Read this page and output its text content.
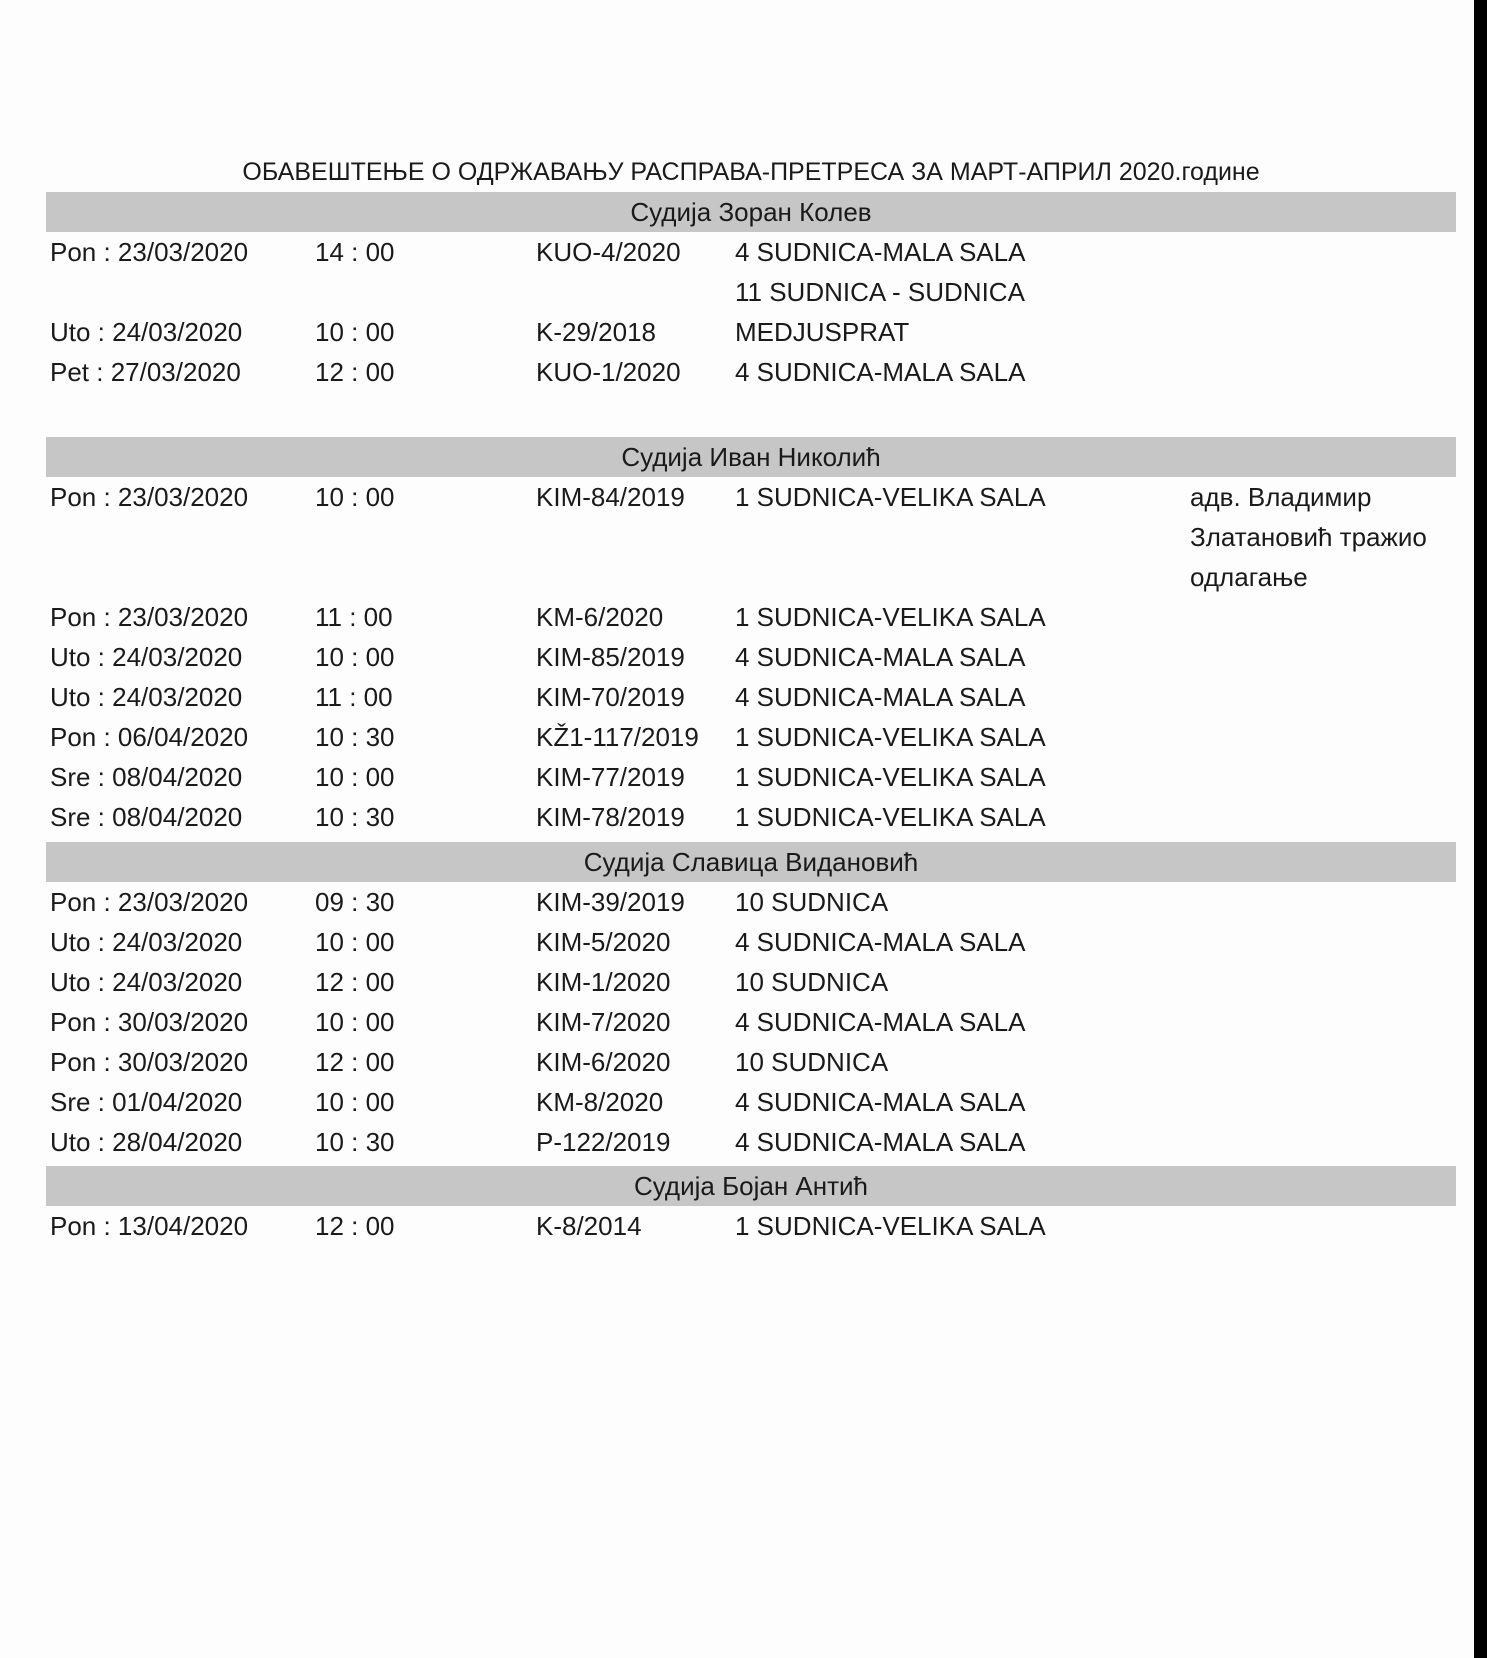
ОБАВЕШТЕЊЕ О ОДРЖАВАЊУ РАСПРАВА-ПРЕТРЕСА ЗА МАРТ-АПРИЛ 2020.године
Судија Зоран Колев
Pon : 23/03/2020	14 : 00	KUO-4/2020 4 SUDNICA-MALA SALA
11 SUDNICA - SUDNICA
Uto : 24/03/2020	10 : 00	K-29/2018	MEDJUSPRAT
Pet : 27/03/2020	12 : 00	KUO-1/2020 4 SUDNICA-MALA SALA
Судија Иван Николић
Pon : 23/03/2020	10 : 00	KIM-84/2019 1 SUDNICA-VELIKA SALA	адв. Владимир
Златановић тражио
одлагање
Pon : 23/03/2020	11 : 00	KM-6/2020	1 SUDNICA-VELIKA SALA
Uto : 24/03/2020	10 : 00	KIM-85/2019 4 SUDNICA-MALA SALA
Uto : 24/03/2020	11 : 00	KIM-70/2019 4 SUDNICA-MALA SALA
Pon : 06/04/2020	10 : 30	KŽ1-117/2019 1 SUDNICA-VELIKA SALA
Sre : 08/04/2020	10 : 00	KIM-77/2019 1 SUDNICA-VELIKA SALA
Sre : 08/04/2020	10 : 30	KIM-78/2019 1 SUDNICA-VELIKA SALA
Судија Славица Видановић
Pon : 23/03/2020	09 : 30	KIM-39/2019 10 SUDNICA
Uto : 24/03/2020	10 : 00	KIM-5/2020 4 SUDNICA-MALA SALA
Uto : 24/03/2020	12 : 00	KIM-1/2020 10 SUDNICA
Pon : 30/03/2020	10 : 00	KIM-7/2020 4 SUDNICA-MALA SALA
Pon : 30/03/2020	12 : 00	KIM-6/2020 10 SUDNICA
Sre : 01/04/2020	10 : 00	KM-8/2020	4 SUDNICA-MALA SALA
Uto : 28/04/2020	10 : 30	P-122/2019 4 SUDNICA-MALA SALA
Судија Бојан Антић
Pon : 13/04/2020	12 : 00	K-8/2014	1 SUDNICA-VELIKA SALA
